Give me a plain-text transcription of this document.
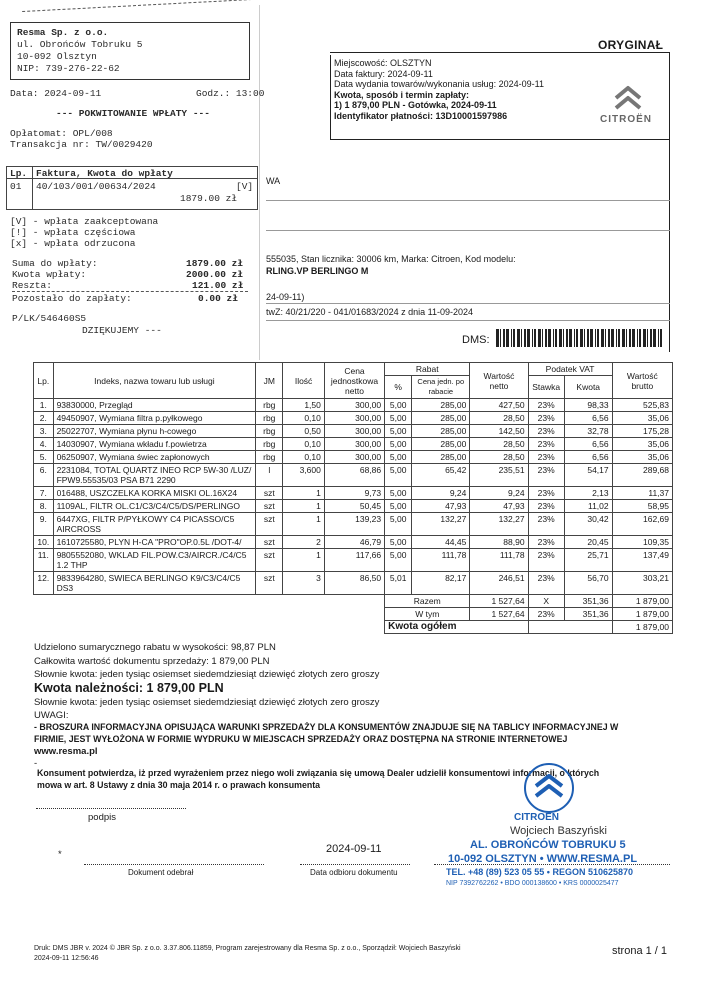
ORYGINAŁ
Miejscowość: OLSZTYN
Data faktury: 2024-09-11
Data wydania towarów/wykonania usług: 2024-09-11
Kwota, sposób i termin zapłaty:
1) 1 879,00 PLN - Gotówka, 2024-09-11
Identyfikator płatności: 13D10001597986	CITROËN
WA
555035, Stan licznika: 30006 km, Marka: Citroen, Kod modelu:
RLING.VP BERLINGO M
24-09-11)
twZ: 40/21/220 - 041/01683/2024 z dnia 11-09-2024
DMS:
Resma Sp. z o.o.
ul. Obrońców Tobruku 5
10-092 Olsztyn
NIP: 739-276-22-62
Data: 2024-09-11	Godz.: 13:00
--- POKWITOWANIE WPŁATY ---
Opłatomat: OPL/008
Transakcja nr: TW/0029420
Lp. Faktura, Kwota do wpłaty
01 40/103/001/00634/2024	[V]
1879.00 zł
[V] - wpłata zaakceptowana
[!] - wpłata częściowa
[x] - wpłata odrzucona
Suma do wpłaty:	1879.00 zł
Kwota wpłaty:	2000.00 zł
Reszta:	121.00 zł
Pozostało do zapłaty:	0.00 zł
P/LK/546460S5
DZIĘKUJEMY ---
Lp.	Indeks, nazwa towaru lub usługi	JM	Ilość	Cena jednostkowa netto	Rabat		Wartość netto	Podatek VAT		Wartość brutto
					%	Cena jedn. po rabacie		Stawka	Kwota	
1.	93830000, Przegląd	rbg	1,50	300,00	5,00	285,00	427,50	23%	98,33	525,83
2.	49450907, Wymiana filtra p.pyłkowego	rbg	0,10	300,00	5,00	285,00	28,50	23%	6,56	35,06
3.	25022707, Wymiana płynu h-cowego	rbg	0,50	300,00	5,00	285,00	142,50	23%	32,78	175,28
4.	14030907, Wymiana wkładu f.powietrza	rbg	0,10	300,00	5,00	285,00	28,50	23%	6,56	35,06
5.	06250907, Wymiana świec zapłonowych	rbg	0,10	300,00	5,00	285,00	28,50	23%	6,56	35,06
6.	2231084, TOTAL QUARTZ INEO RCP 5W-30 /LUZ/ FPW9.55535/03 PSA B71 2290	l	3,600	68,86	5,00	65,42	235,51	23%	54,17	289,68
7.	016488, USZCZELKA KORKA MISKI OL.16X24	szt	1	9,73	5,00	9,24	9,24	23%	2,13	11,37
8.	1109AL, FILTR OL.C1/C3/C4/C5/DS/PERLINGO	szt	1	50,45	5,00	47,93	47,93	23%	11,02	58,95
9.	6447XG, FILTR P/PYŁKOWY C4 PICASSO/C5 AIRCROSS	szt	1	139,23	5,00	132,27	132,27	23%	30,42	162,69
10.	1610725580, PLYN H-CA "PRO"OP.0.5L /DOT-4/	szt	2	46,79	5,00	44,45	88,90	23%	20,45	109,35
11.	9805552080, WKLAD FIL.POW.C3/AIRCR./C4/C5 1.2 THP	szt	1	117,66	5,00	111,78	111,78	23%	25,71	137,49
12.	9833964280, SWIECA BERLINGO K9/C3/C4/C5 DS3	szt	3	86,50	5,01	82,17	246,51	23%	56,70	303,21
					Razem		1 527,64	X	351,36	1 879,00
					W tym		1 527,64	23%	351,36	1 879,00
					Kwota ogółem					1 879,00
Udzielono sumarycznego rabatu w wysokości: 98,87 PLN
Całkowita wartość dokumentu sprzedaży: 1 879,00 PLN
Słownie kwota: jeden tysiąc osiemset siedemdziesiąt dziewięć złotych zero groszy
Kwota należności: 1 879,00 PLN
Słownie kwota: jeden tysiąc osiemset siedemdziesiąt dziewięć złotych zero groszy
UWAGI:
- BROSZURA INFORMACYJNA OPISUJĄCA WARUNKI SPRZEDAŻY DLA KONSUMENTÓW ZNAJDUJE SIĘ NA TABLICY INFORMACYJNEJ W
FIRMIE, JEST WYŁOŻONA W FORMIE WYDRUKU W MIEJSCACH SPRZEDAŻY ORAZ DOSTĘPNA NA STRONIE INTERNETOWEJ
www.resma.pl
-
Konsument potwierdza, iż przed wyrażeniem przez niego woli związania się umową Dealer udzielił konsumentowi informacji, o których
mowa w art. 8 Ustawy z dnia 30 maja 2014 r. o prawach konsumenta
podpis
2024-09-11
*
Dokument odebrał	Data odbioru dokumentu
CITROËN
Wojciech Baszyński
AL. OBROŃCÓW TOBRUKU 5
10-092 OLSZTYN • WWW.RESMA.PL
TEL. +48 (89) 523 05 55 • REGON 510625870
NIP 7392762262 • BDO 000138600 • KRS 0000025477
Druk: DMS JBR v. 2024 © JBR Sp. z o.o. 3.37.806.11859, Program zarejestrowany dla Resma Sp. z o.o., Sporządził: Wojciech Baszyński
2024-09-11 12:56:46
strona 1 / 1
